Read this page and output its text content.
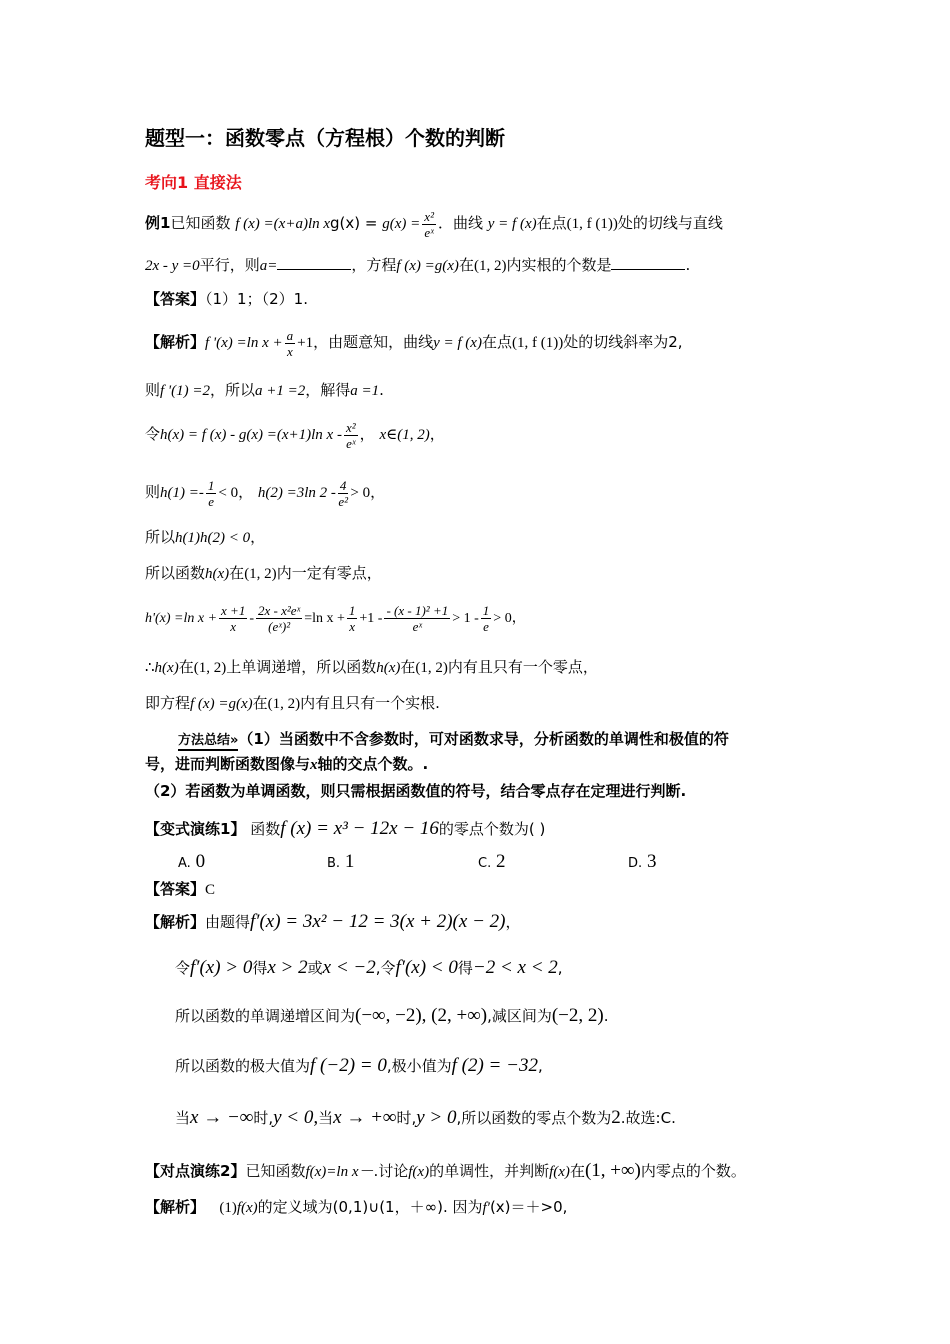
题型一：函数零点（方程根）个数的判断
考向1 直接法
例1已知函数 f (x) =(x+a)ln $xg(x) = g(x) = \frac{\text{x²}}{\text{eˣ}}$ ．曲线 y = f (x)在点(1, f (1))处的切线与直线
2x - y =0平行，则a=	，方程f (x) =g(x)在(1, 2)内实根的个数是	.
【答案】（1）1；（2）1.
【解析】f '(x) =ln $x + \frac{a}{x} +1$，由题意知，曲线y = f (x)在点(1, f (1))处的切线斜率为2,
则f '(1) =2，所以a +1 =2，解得a =1.
令h(x) = f (x) - g(x) =(x+1)ln x - $\frac{\text{x²}}{\text{eˣ}}$ ， x∈(1, 2)，
则$h(1) =- \frac{1}{e} < 0$， h(2) =3ln $2 - \frac{4}{\text{e²}} > 0$，
所以h(1)h(2) < 0，
所以函数h(x)在(1, 2)内一定有零点，
h'(x) =ln $x + \frac{x +1}{x} - \frac{\text{2x - x²eˣ}}{\text{(eˣ)²}} =\ln$ $x + \frac{1}{x} +1 - \frac{\text{- (x - 1)² +1}}{\text{eˣ}} > 1 - \frac{1}{e} > 0$，
∴h(x)在(1, 2)上单调递增，所以函数h(x)在(1, 2)内有且只有一个零点，
即方程f (x) =g(x)在(1, 2)内有且只有一个实根.
方法总结»（1）当函数中不含参数时，可对函数求导，分析函数的单调性和极值的符
号，进而判断函数图像与x轴的交点个数。.
（2）若函数为单调函数，则只需根据函数值的符号，结合零点存在定理进行判断.
【变式演练1】 函数f (x) = x³ − 12x − 16的零点个数为( )
A. 0	B. 1	C. 2	D. 3
【答案】C
【解析】由题得f′(x) = 3x² − 12 = 3(x + 2)(x − 2)，
令f′(x) > 0得x > 2或x < −2,令f′(x) < 0得−2 < x < 2,
所以函数的单调递增区间为(−∞, −2), (2, +∞),减区间为(−2, 2).
所以函数的极大值为f (−2) = 0,极小值为f (2) = −32,
当x → −∞时,y < 0,当x → +∞时,y > 0,所以函数的零点个数为2.故选:C.
【对点演练2】已知函数f(x)=ln x－.讨论f(x)的单调性，并判断f(x)在(1, +∞)内零点的个数。
【解析】 (1)f(x)的定义域为(0,1)∪(1，＋∞). 因为f′(x)＝＋>0,
